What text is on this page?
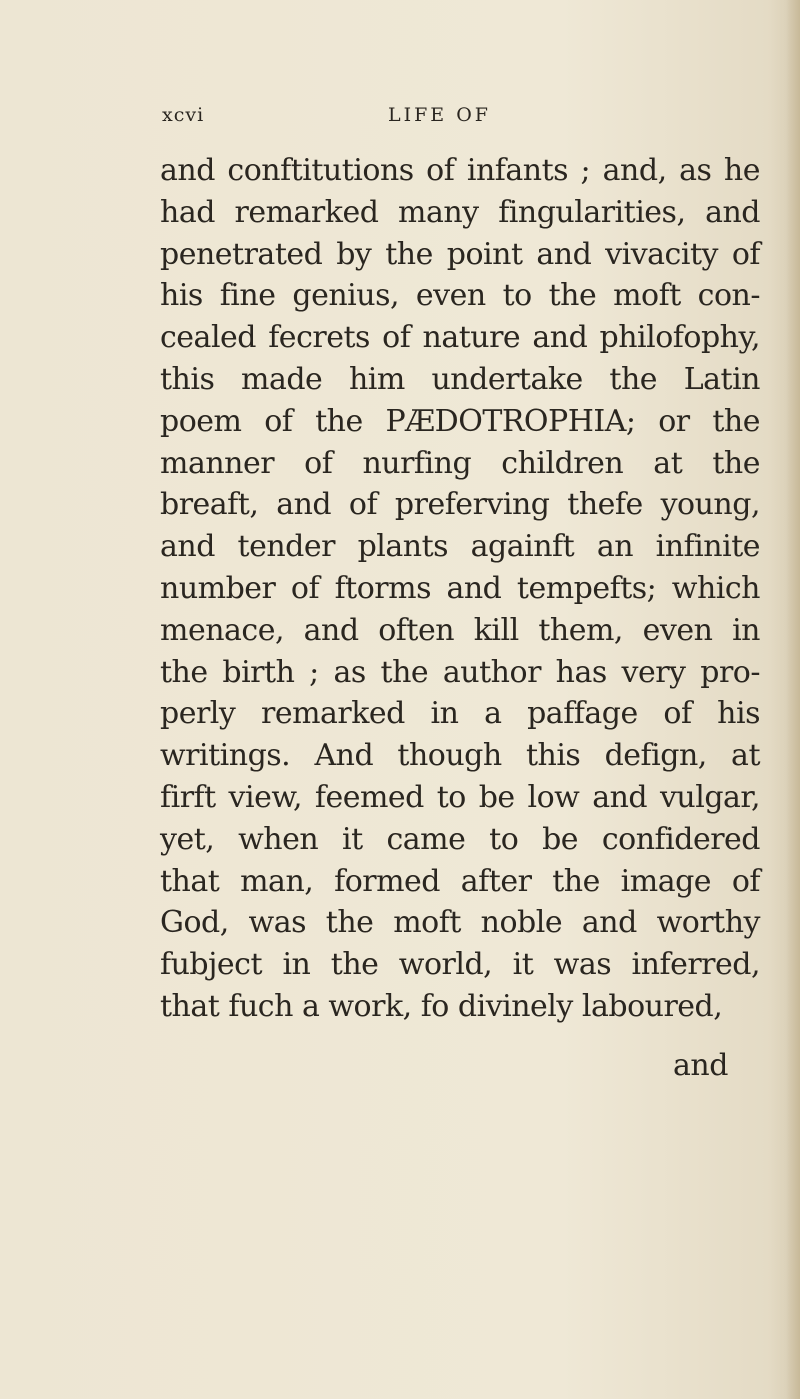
xcvi	LIFE OF
and conftitutions of infants ; and, as he
had remarked many fingularities, and
penetrated by the point and vivacity of
his fine genius, even to the moft con-
cealed fecrets of nature and philofophy,
this made him undertake the Latin
poem of the PÆDOTROPHIA; or the
manner of nurfing children at the
breaft, and of preferving thefe young,
and tender plants againft an infinite
number of ftorms and tempefts; which
menace, and often kill them, even in
the birth ; as the author has very pro-
perly remarked in a paffage of his
writings. And though this defign, at
firft view, feemed to be low and vulgar,
yet, when it came to be confidered
that man, formed after the image of
God, was the moft noble and worthy
fubject in the world, it was inferred,
that fuch a work, fo divinely laboured,
and
